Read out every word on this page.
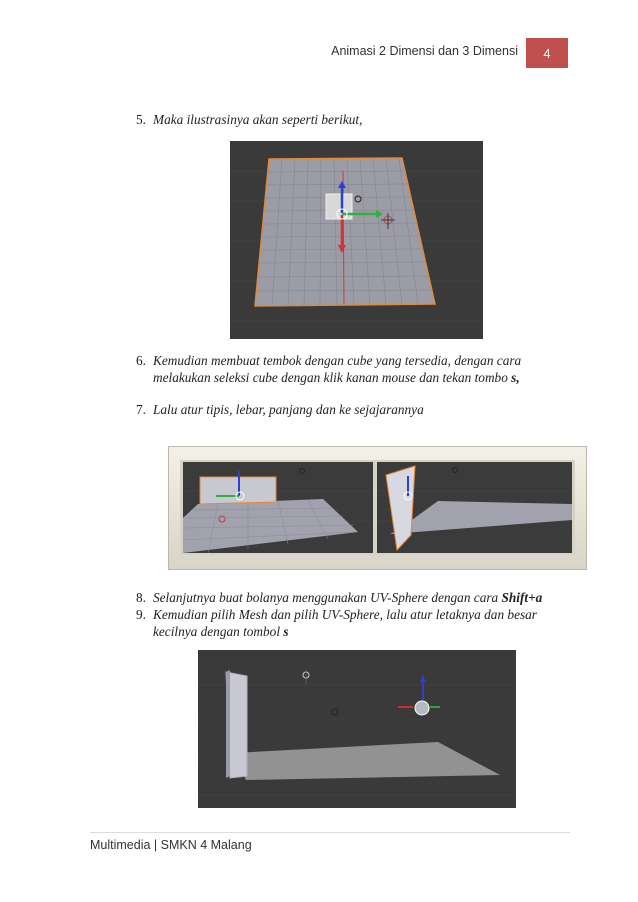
Animasi 2 Dimensi dan 3 Dimensi	4
5. Maka ilustrasinya akan seperti berikut,
6. Kemudian membuat tembok dengan cube yang tersedia, dengan cara
melakukan seleksi cube dengan klik kanan mouse dan tekan tombo s,
7. Lalu atur tipis, lebar, panjang dan ke sejajarannya
8. Selanjutnya buat bolanya menggunakan UV-Sphere dengan cara Shift+a
9. Kemudian pilih Mesh dan pilih UV-Sphere, lalu atur letaknya dan besar
kecilnya dengan tombol s
Multimedia | SMKN 4 Malang
